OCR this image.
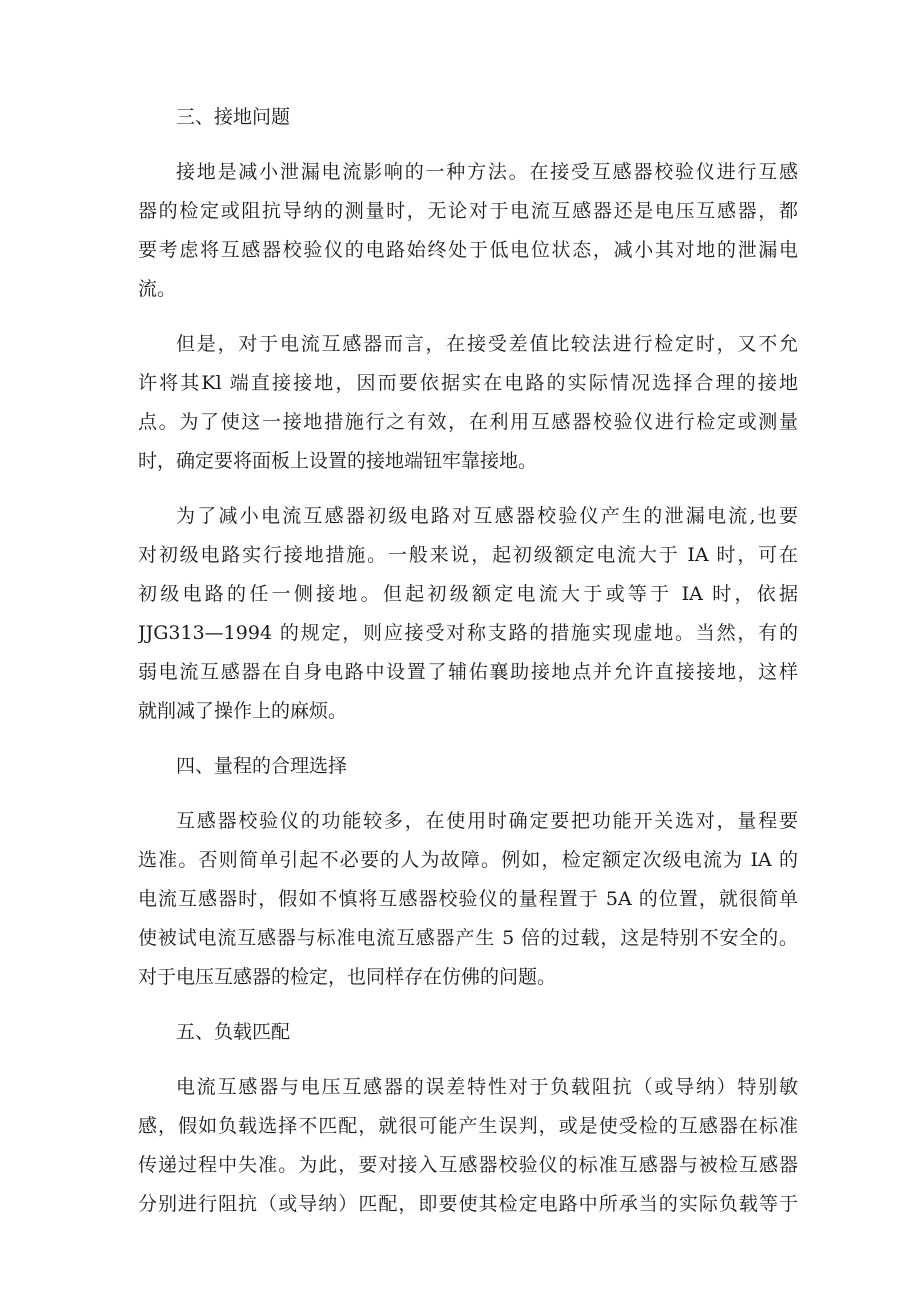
三、接地问题
接地是减小泄漏电流影响的一种方法。在接受互感器校验仪进行互感
器的检定或阻抗导纳的测量时，无论对于电流互感器还是电压互感器，都
要考虑将互感器校验仪的电路始终处于低电位状态，减小其对地的泄漏电
流。
但是，对于电流互感器而言，在接受差值比较法进行检定时，又不允
许将其Kl 端直接接地，因而要依据实在电路的实际情况选择合理的接地
点。为了使这一接地措施行之有效，在利用互感器校验仪进行检定或测量
时，确定要将面板上设置的接地端钮牢靠接地。
为了减小电流互感器初级电路对互感器校验仪产生的泄漏电流,也要
对初级电路实行接地措施。一般来说，起初级额定电流大于 IA 时，可在
初级电路的任一侧接地。但起初级额定电流大于或等于 IA 时，依据
JJG313—1994 的规定，则应接受对称支路的措施实现虚地。当然，有的
弱电流互感器在自身电路中设置了辅佑襄助接地点并允许直接接地，这样
就削减了操作上的麻烦。
四、量程的合理选择
互感器校验仪的功能较多，在使用时确定要把功能开关选对，量程要
选准。否则简单引起不必要的人为故障。例如，检定额定次级电流为 IA 的
电流互感器时，假如不慎将互感器校验仪的量程置于 5A 的位置，就很简单
使被试电流互感器与标准电流互感器产生 5 倍的过载，这是特别不安全的。
对于电压互感器的检定，也同样存在仿佛的问题。
五、负载匹配
电流互感器与电压互感器的误差特性对于负载阻抗（或导纳）特别敏
感，假如负载选择不匹配，就很可能产生误判，或是使受检的互感器在标准
传递过程中失准。为此，要对接入互感器校验仪的标准互感器与被检互感器
分别进行阻抗（或导纳）匹配，即要使其检定电路中所承当的实际负载等于
